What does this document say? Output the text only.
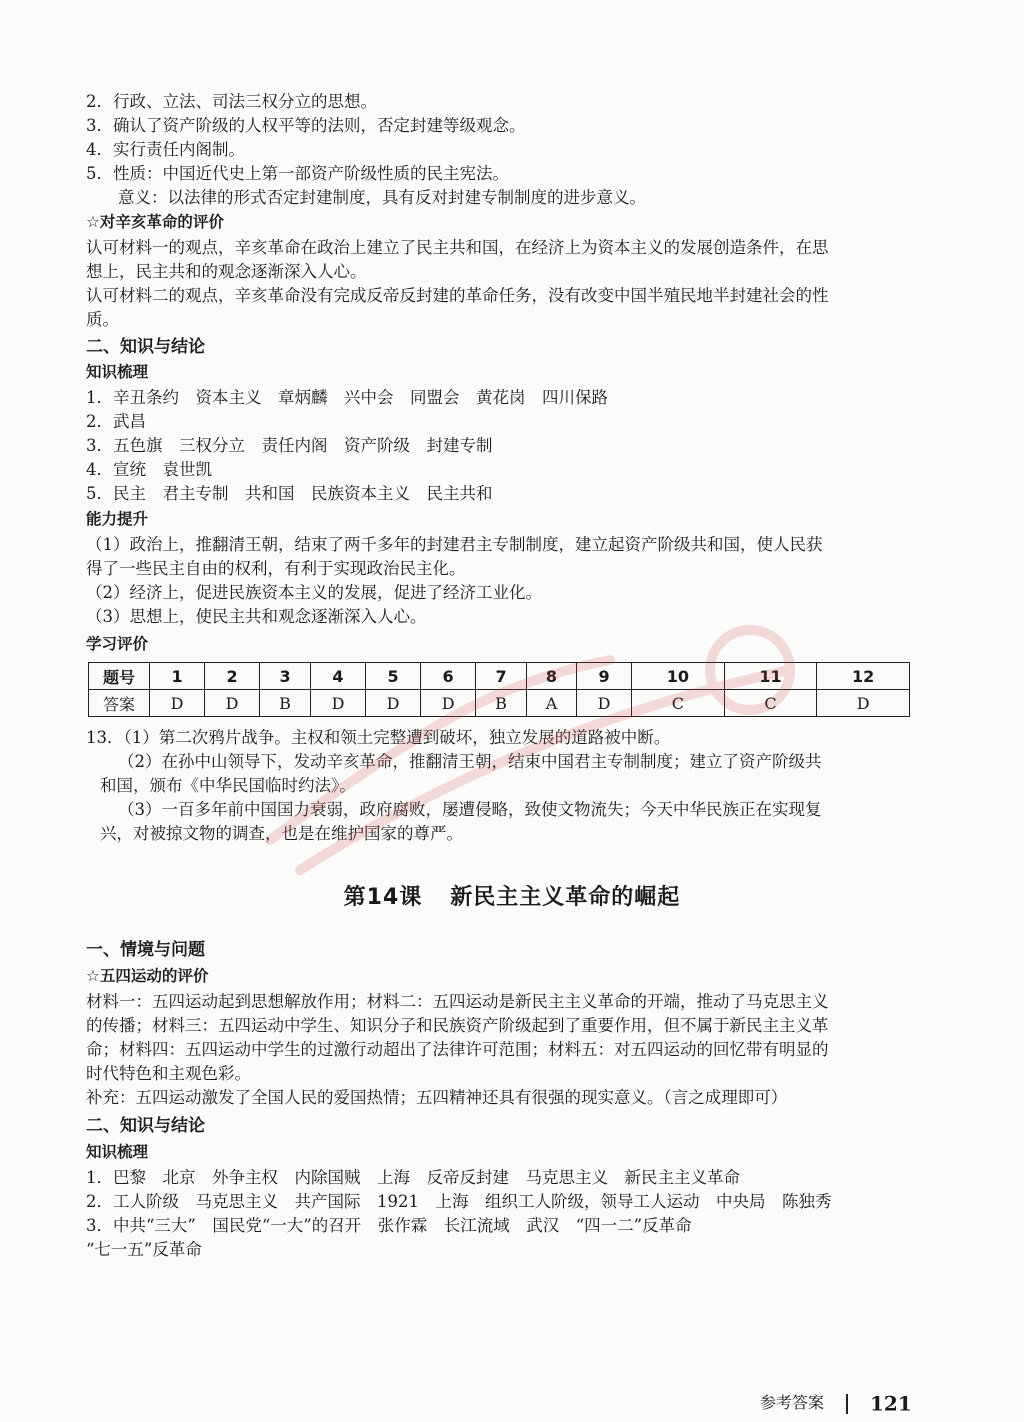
2．行政、立法、司法三权分立的思想。
3．确认了资产阶级的人权平等的法则，否定封建等级观念。
4．实行责任内阁制。
5．性质：中国近代史上第一部资产阶级性质的民主宪法。
意义：以法律的形式否定封建制度，具有反对封建专制制度的进步意义。
☆对辛亥革命的评价
认可材料一的观点，辛亥革命在政治上建立了民主共和国，在经济上为资本主义的发展创造条件，在思
想上，民主共和的观念逐渐深入人心。
认可材料二的观点，辛亥革命没有完成反帝反封建的革命任务，没有改变中国半殖民地半封建社会的性
质。
二、知识与结论
知识梳理
1．辛丑条约　资本主义　章炳麟　兴中会　同盟会　黄花岗　四川保路
2．武昌
3．五色旗　三权分立　责任内阁　资产阶级　封建专制
4．宣统　袁世凯
5．民主　君主专制　共和国　民族资本主义　民主共和
能力提升
（1）政治上，推翻清王朝，结束了两千多年的封建君主专制制度，建立起资产阶级共和国，使人民获
得了一些民主自由的权利，有利于实现政治民主化。
（2）经济上，促进民族资本主义的发展，促进了经济工业化。
（3）思想上，使民主共和观念逐渐深入人心。
学习评价
题号	1	2	3	4	5	6	7	8	9	10	11	12
答案	D	D	B	D	D	D	B	A	D	C	C	D
13．（1）第二次鸦片战争。主权和领土完整遭到破坏，独立发展的道路被中断。
（2）在孙中山领导下，发动辛亥革命，推翻清王朝，结束中国君主专制制度；建立了资产阶级共
和国，颁布《中华民国临时约法》。
（3）一百多年前中国国力衰弱，政府腐败，屡遭侵略，致使文物流失；今天中华民族正在实现复
兴，对被掠文物的调查，也是在维护国家的尊严。
第14课 新民主主义革命的崛起
一、情境与问题
☆五四运动的评价
材料一：五四运动起到思想解放作用；材料二：五四运动是新民主主义革命的开端，推动了马克思主义
的传播；材料三：五四运动中学生、知识分子和民族资产阶级起到了重要作用，但不属于新民主主义革
命；材料四：五四运动中学生的过激行动超出了法律许可范围；材料五：对五四运动的回忆带有明显的
时代特色和主观色彩。
补充：五四运动激发了全国人民的爱国热情；五四精神还具有很强的现实意义。（言之成理即可）
二、知识与结论
知识梳理
1．巴黎　北京　外争主权　内除国贼　上海　反帝反封建　马克思主义　新民主主义革命
2．工人阶级　马克思主义　共产国际　1921　上海　组织工人阶级，领导工人运动　中央局　陈独秀
3．中共“三大”　国民党“一大”的召开　张作霖　长江流域　武汉　“四一二”反革命
“七一五”反革命
参考答案 121
